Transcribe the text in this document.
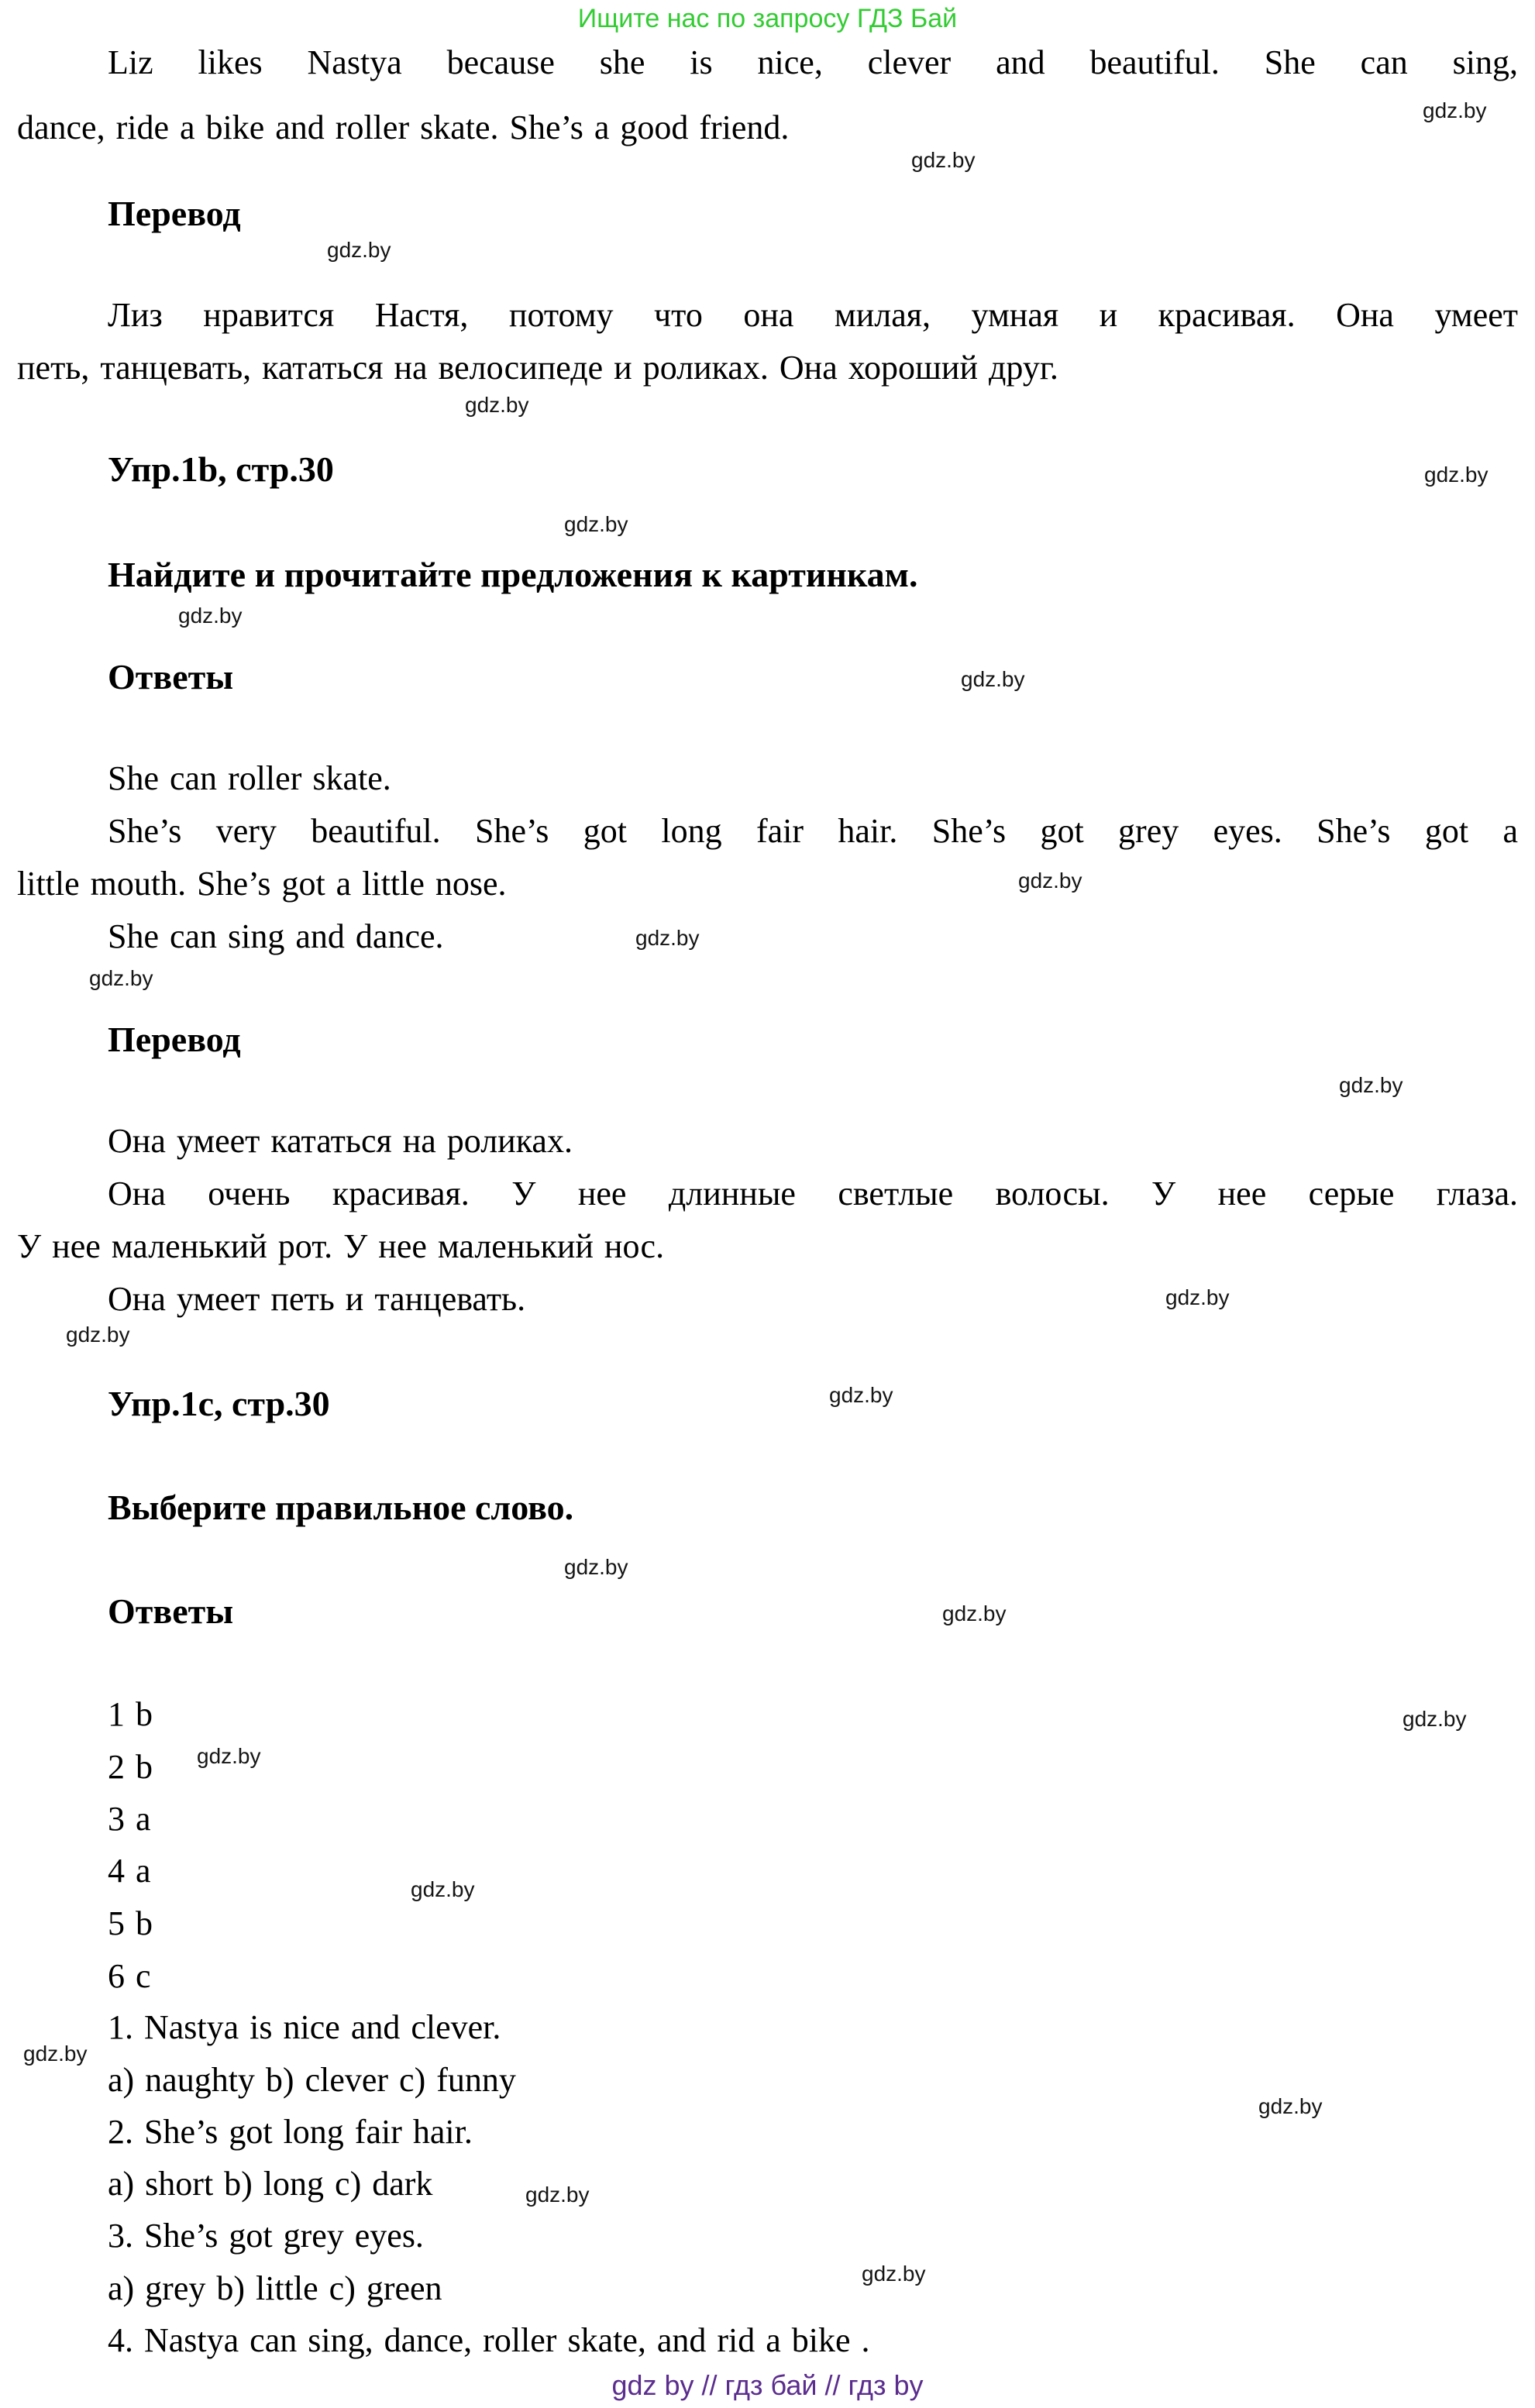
Ищите нас по запросу ГДЗ Бай
Liz likes Nastya because she is nice, clever and beautiful. She can sing,
dance, ride a bike and roller skate. She’s a good friend.
Перевод
Лиз нравится Настя, потому что она милая, умная и красивая. Она умеет
петь, танцевать, кататься на велосипеде и роликах. Она хороший друг.
Упр.1b, стр.30
Найдите и прочитайте предложения к картинкам.
Ответы
She can roller skate.
She’s very beautiful. She’s got long fair hair. She’s got grey eyes. She’s got a
little mouth. She’s got a little nose.
She can sing and dance.
Перевод
Она умеет кататься на роликах.
Она очень красивая. У нее длинные светлые волосы. У нее серые глаза.
У нее маленький рот. У нее маленький нос.
Она умеет петь и танцевать.
Упр.1c, стр.30
Выберите правильное слово.
Ответы
1 b
2 b
3 a
4 a
5 b
6 c
1. Nastya is nice and clever.
a) naughty b) clever c) funny
2. She’s got long fair hair.
a) short b) long c) dark
3. She’s got grey eyes.
a) grey b) little c) green
4. Nastya can sing, dance, roller skate, and rid a bike .
gdz.by
gdz.by
gdz.by
gdz.by
gdz.by
gdz.by
gdz.by
gdz.by
gdz.by
gdz.by
gdz.by
gdz.by
gdz.by
gdz.by
gdz.by
gdz.by
gdz.by
gdz.by
gdz.by
gdz.by
gdz.by
gdz.by
gdz.by
gdz.by
gdz by // гдз бай // гдз by
